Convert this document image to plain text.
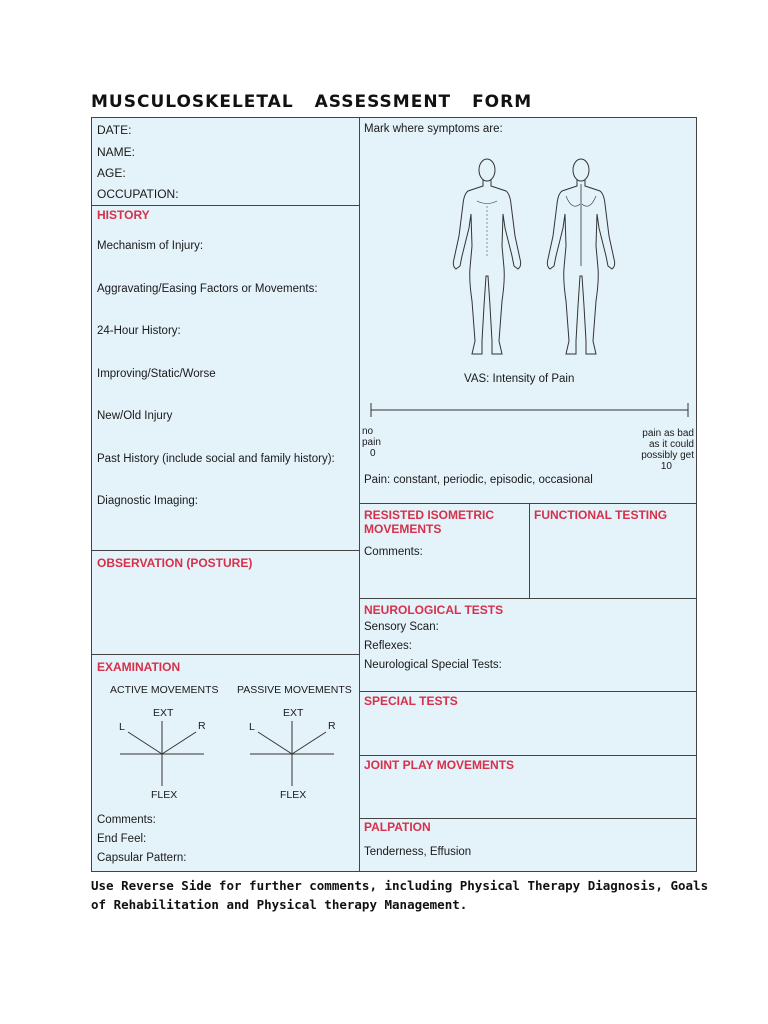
MUSCULOSKELETAL ASSESSMENT FORM
DATE:
NAME:
AGE:
OCCUPATION:
HISTORY
Mechanism of Injury:
Aggravating/Easing Factors or Movements:
24-Hour History:
Improving/Static/Worse
New/Old Injury
Past History (include social and family history):
Diagnostic Imaging:
OBSERVATION (POSTURE)
EXAMINATION
ACTIVE MOVEMENTS PASSIVE MOVEMENTS
EXT
L	R
FLEX
EXT
L	R
FLEX
Comments:
End Feel:
Capsular Pattern:
Mark where symptoms are:
VAS: Intensity of Pain
no
pain
0
pain as bad
as it could
possibly get
10
Pain: constant, periodic, episodic, occasional
RESISTED ISOMETRIC
MOVEMENTS
Comments:
FUNCTIONAL TESTING
NEUROLOGICAL TESTS
Sensory Scan:
Reflexes:
Neurological Special Tests:
SPECIAL TESTS
JOINT PLAY MOVEMENTS
PALPATION
Tenderness, Effusion
Use Reverse Side for further comments, including Physical Therapy Diagnosis, Goals of Rehabilitation and Physical therapy Management.
